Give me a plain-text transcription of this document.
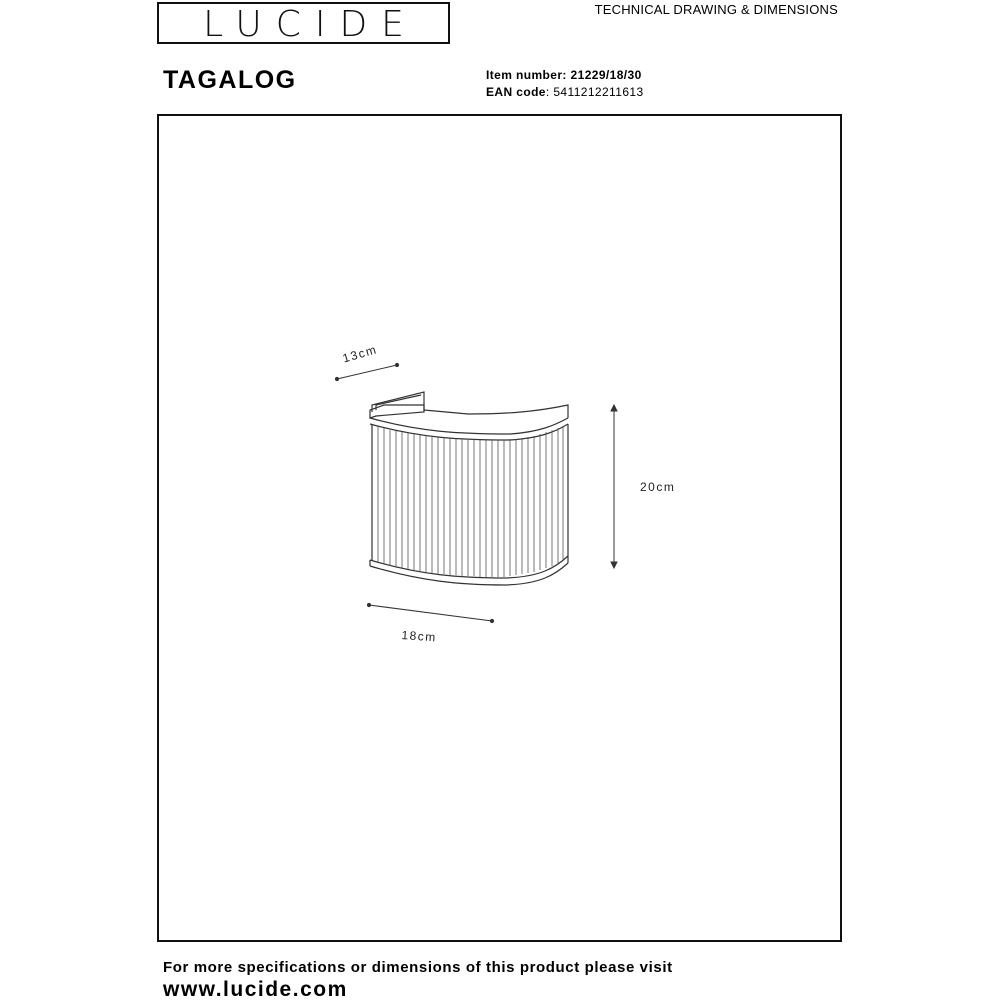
LUCIDE	TECHNICAL DRAWING & DIMENSIONS
TAGALOG	Item number: 21229/18/30
EAN code: 5411212211613
13cm
20cm
18cm
For more specifications or dimensions of this product please visit
www.lucide.com
